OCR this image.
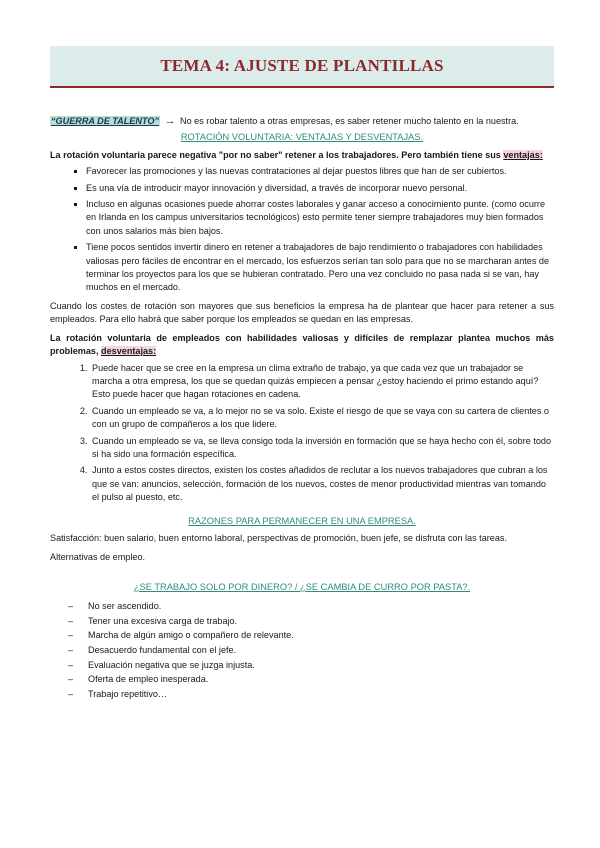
TEMA 4: AJUSTE DE PLANTILLAS

“GUERRA DE TALENTO” → No es robar talento a otras empresas, es saber retener mucho talento en la nuestra.

ROTACIÓN VOLUNTARIA: VENTAJAS Y DESVENTAJAS.

La rotación voluntaria parece negativa "por no saber" retener a los trabajadores. Pero también tiene sus ventajas:

▪ Favorecer las promociones y las nuevas contrataciones al dejar puestos libres que han de ser cubiertos.
▪ Es una vía de introducir mayor innovación y diversidad, a través de incorporar nuevo personal.
▪ Incluso en algunas ocasiones puede ahorrar costes laborales y ganar acceso a conocimiento punte. (como ocurre en Irlanda en los campus universitarios tecnológicos) esto permite tener siempre trabajadores muy bien formados con unos salarios más bien bajos.
▪ Tiene pocos sentidos invertir dinero en retener a trabajadores de bajo rendimiento o trabajadores con habilidades valiosas pero fáciles de encontrar en el mercado, los esfuerzos serían tan solo para que no se marcharan antes de terminar los proyectos para los que se hubieran contratado. Pero una vez concluido no pasa nada si se van, hay muchos en el mercado.

Cuando los costes de rotación son mayores que sus beneficios la empresa ha de plantear que hacer para retener a sus empleados. Para ello habrá que saber porque los empleados se quedan en las empresas.

La rotación voluntaria de empleados con habilidades valiosas y difíciles de remplazar plantea muchos más problemas, desventajas:

1. Puede hacer que se cree en la empresa un clima extraño de trabajo, ya que cada vez que un trabajador se marcha a otra empresa, los que se quedan quizás empiecen a pensar ¿estoy haciendo el primo estando aquí? Esto puede hacer que hagan rotaciones en cadena.
2. Cuando un empleado se va, a lo mejor no se va solo. Existe el riesgo de que se vaya con su cartera de clientes o con un grupo de compañeros a los que lidere.
3. Cuando un empleado se va, se lleva consigo toda la inversión en formación que se haya hecho con él, sobre todo si ha sido una formación específica.
4. Junto a estos costes directos, existen los costes añadidos de reclutar a los nuevos trabajadores que cubran a los que se van: anuncios, selección, formación de los nuevos, costes de menor productividad mientras van tomando el pulso al puesto, etc.

RAZONES PARA PERMANECER EN UNA EMPRESA.

Satisfacción: buen salario, buen entorno laboral, perspectivas de promoción, buen jefe, se disfruta con las tareas.

Alternativas de empleo.

¿SE TRABAJO SOLO POR DINERO? / ¿SE CAMBIA DE CURRO POR PASTA?.

– No ser ascendido.
– Tener una excesiva carga de trabajo.
– Marcha de algún amigo o compañero de relevante.
– Desacuerdo fundamental con el jefe.
– Evaluación negativa que se juzga injusta.
– Oferta de empleo inesperada.
– Trabajo repetitivo…
